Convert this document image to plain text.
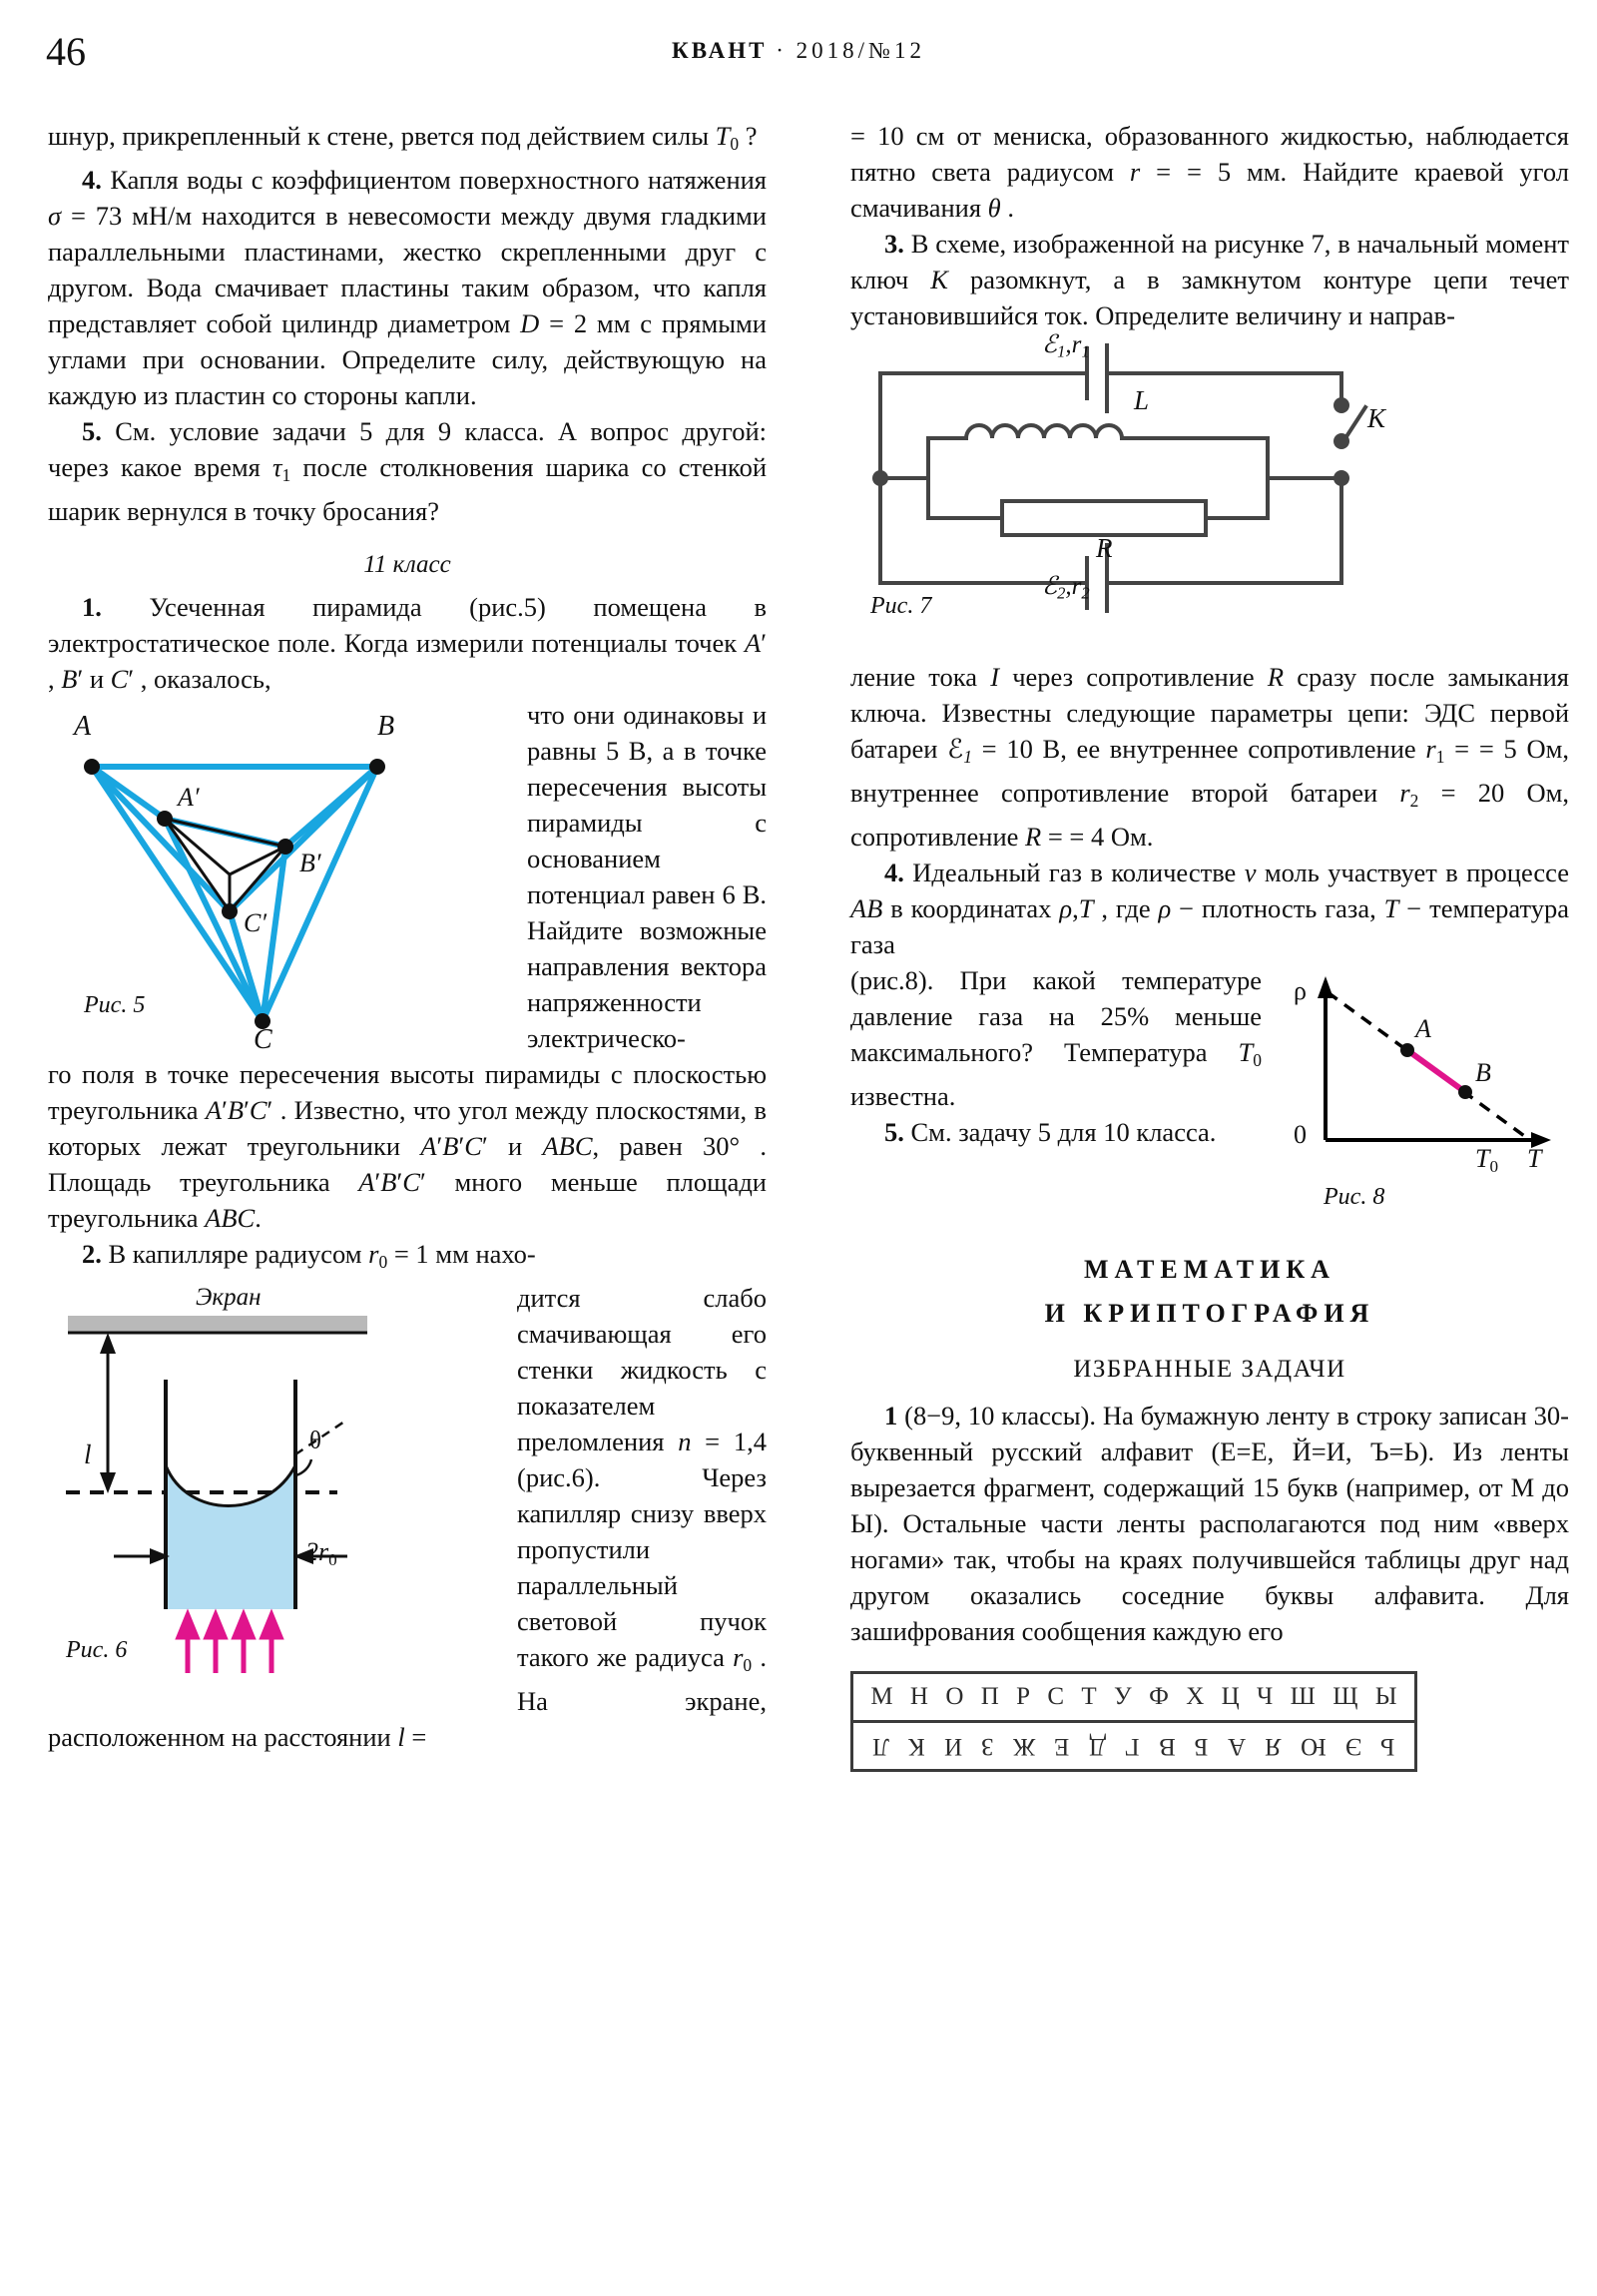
46	КВАНТ · 2018/№12

шнур, прикрепленный к стене, рвется под действием силы $T_0$ ?

4. Капля воды с коэффициентом поверхностного натяжения σ = 73 мН/м находится в невесомости между двумя гладкими параллельными пластинами, жестко скрепленными друг с другом. Вода смачивает пластины таким образом, что капля представляет собой цилиндр диаметром D = 2 мм с прямыми углами при основании. Определите силу, действующую на каждую из пластин со стороны капли.

5. См. условие задачи 5 для 9 класса. А вопрос другой: через какое время $\tau_1$ после столкновения шарика со стенкой шарик вернулся в точку бросания?

11 класс

1. Усеченная пирамида (рис.5) помещена в электростатическое поле. Когда измерили потенциалы точек A′ , B′ и C′ , оказалось,

A	B
C
A′
B′
C′
Рис. 5

что они одинаковы и равны 5 В, а в точке пересечения высоты пирамиды с основанием потенциал равен 6 В. Найдите возможные направления вектора напряженности электрическо-

го поля в точке пересечения высоты пирамиды с плоскостью треугольника A′B′C′ . Известно, что угол между плоскостями, в которых лежат треугольники A′B′C′ и ABC, равен 30° . Площадь треугольника A′B′C′ много меньше площади треугольника ABC.

2. В капилляре радиусом $r_0 = 1$ мм нахо-

Экран
l	θ
$2r_0$
Рис. 6

дится слабо смачивающая его стенки жидкость с показателем преломления n = 1,4 (рис.6). Через капилляр снизу вверх пропустили параллельный световой пучок такого же радиуса $r_0$ . На экране, расположенном на расстоянии l =

= 10 см от мениска, образованного жидкостью, наблюдается пятно света радиусом r = = 5 мм. Найдите краевой угол смачивания θ .

3. В схеме, изображенной на рисунке 7, в начальный момент ключ K разомкнут, а в замкнутом контуре цепи течет установившийся ток. Определите величину и направ-

ℰ1,r1
ℰ2,r2
L
R
K
Рис. 7

ление тока I через сопротивление R сразу после замыкания ключа. Известны следующие параметры цепи: ЭДС первой батареи ℰ1 = 10 В, ее внутреннее сопротивление $r_1$ = = 5 Ом, внутреннее сопротивление второй батареи $r_2 = 20$ Ом, сопротивление R = = 4 Ом.

4. Идеальный газ в количестве ν моль участвует в процессе AB в координатах ρ,T , где ρ − плотность газа, T − температура газа

ρ
0
A
B
$T_0$ T
Рис. 8

(рис.8). При какой температуре давление газа на 25% меньше максимального? Температура $T_0$ известна.

5. См. задачу 5 для 10 класса.

МАТЕМАТИКА
И КРИПТОГРАФИЯ
ИЗБРАННЫЕ ЗАДАЧИ

1 (8−9, 10 классы). На бумажную ленту в строку записан 30-буквенный русский алфавит (Е=Е, Й=И, Ъ=Ь). Из ленты вырезается фрагмент, содержащий 15 букв (например, от М до Ы). Остальные части ленты располагаются под ним «вверх ногами» так, чтобы на краях получившейся таблицы друг над другом оказались соседние буквы алфавита. Для зашифрования сообщения каждую его

М Н О П Р С Т У Ф Х Ц Ч Ш Щ Ы
Л К И З Ж Е Д Г В Б А Я Ю Э Ь
